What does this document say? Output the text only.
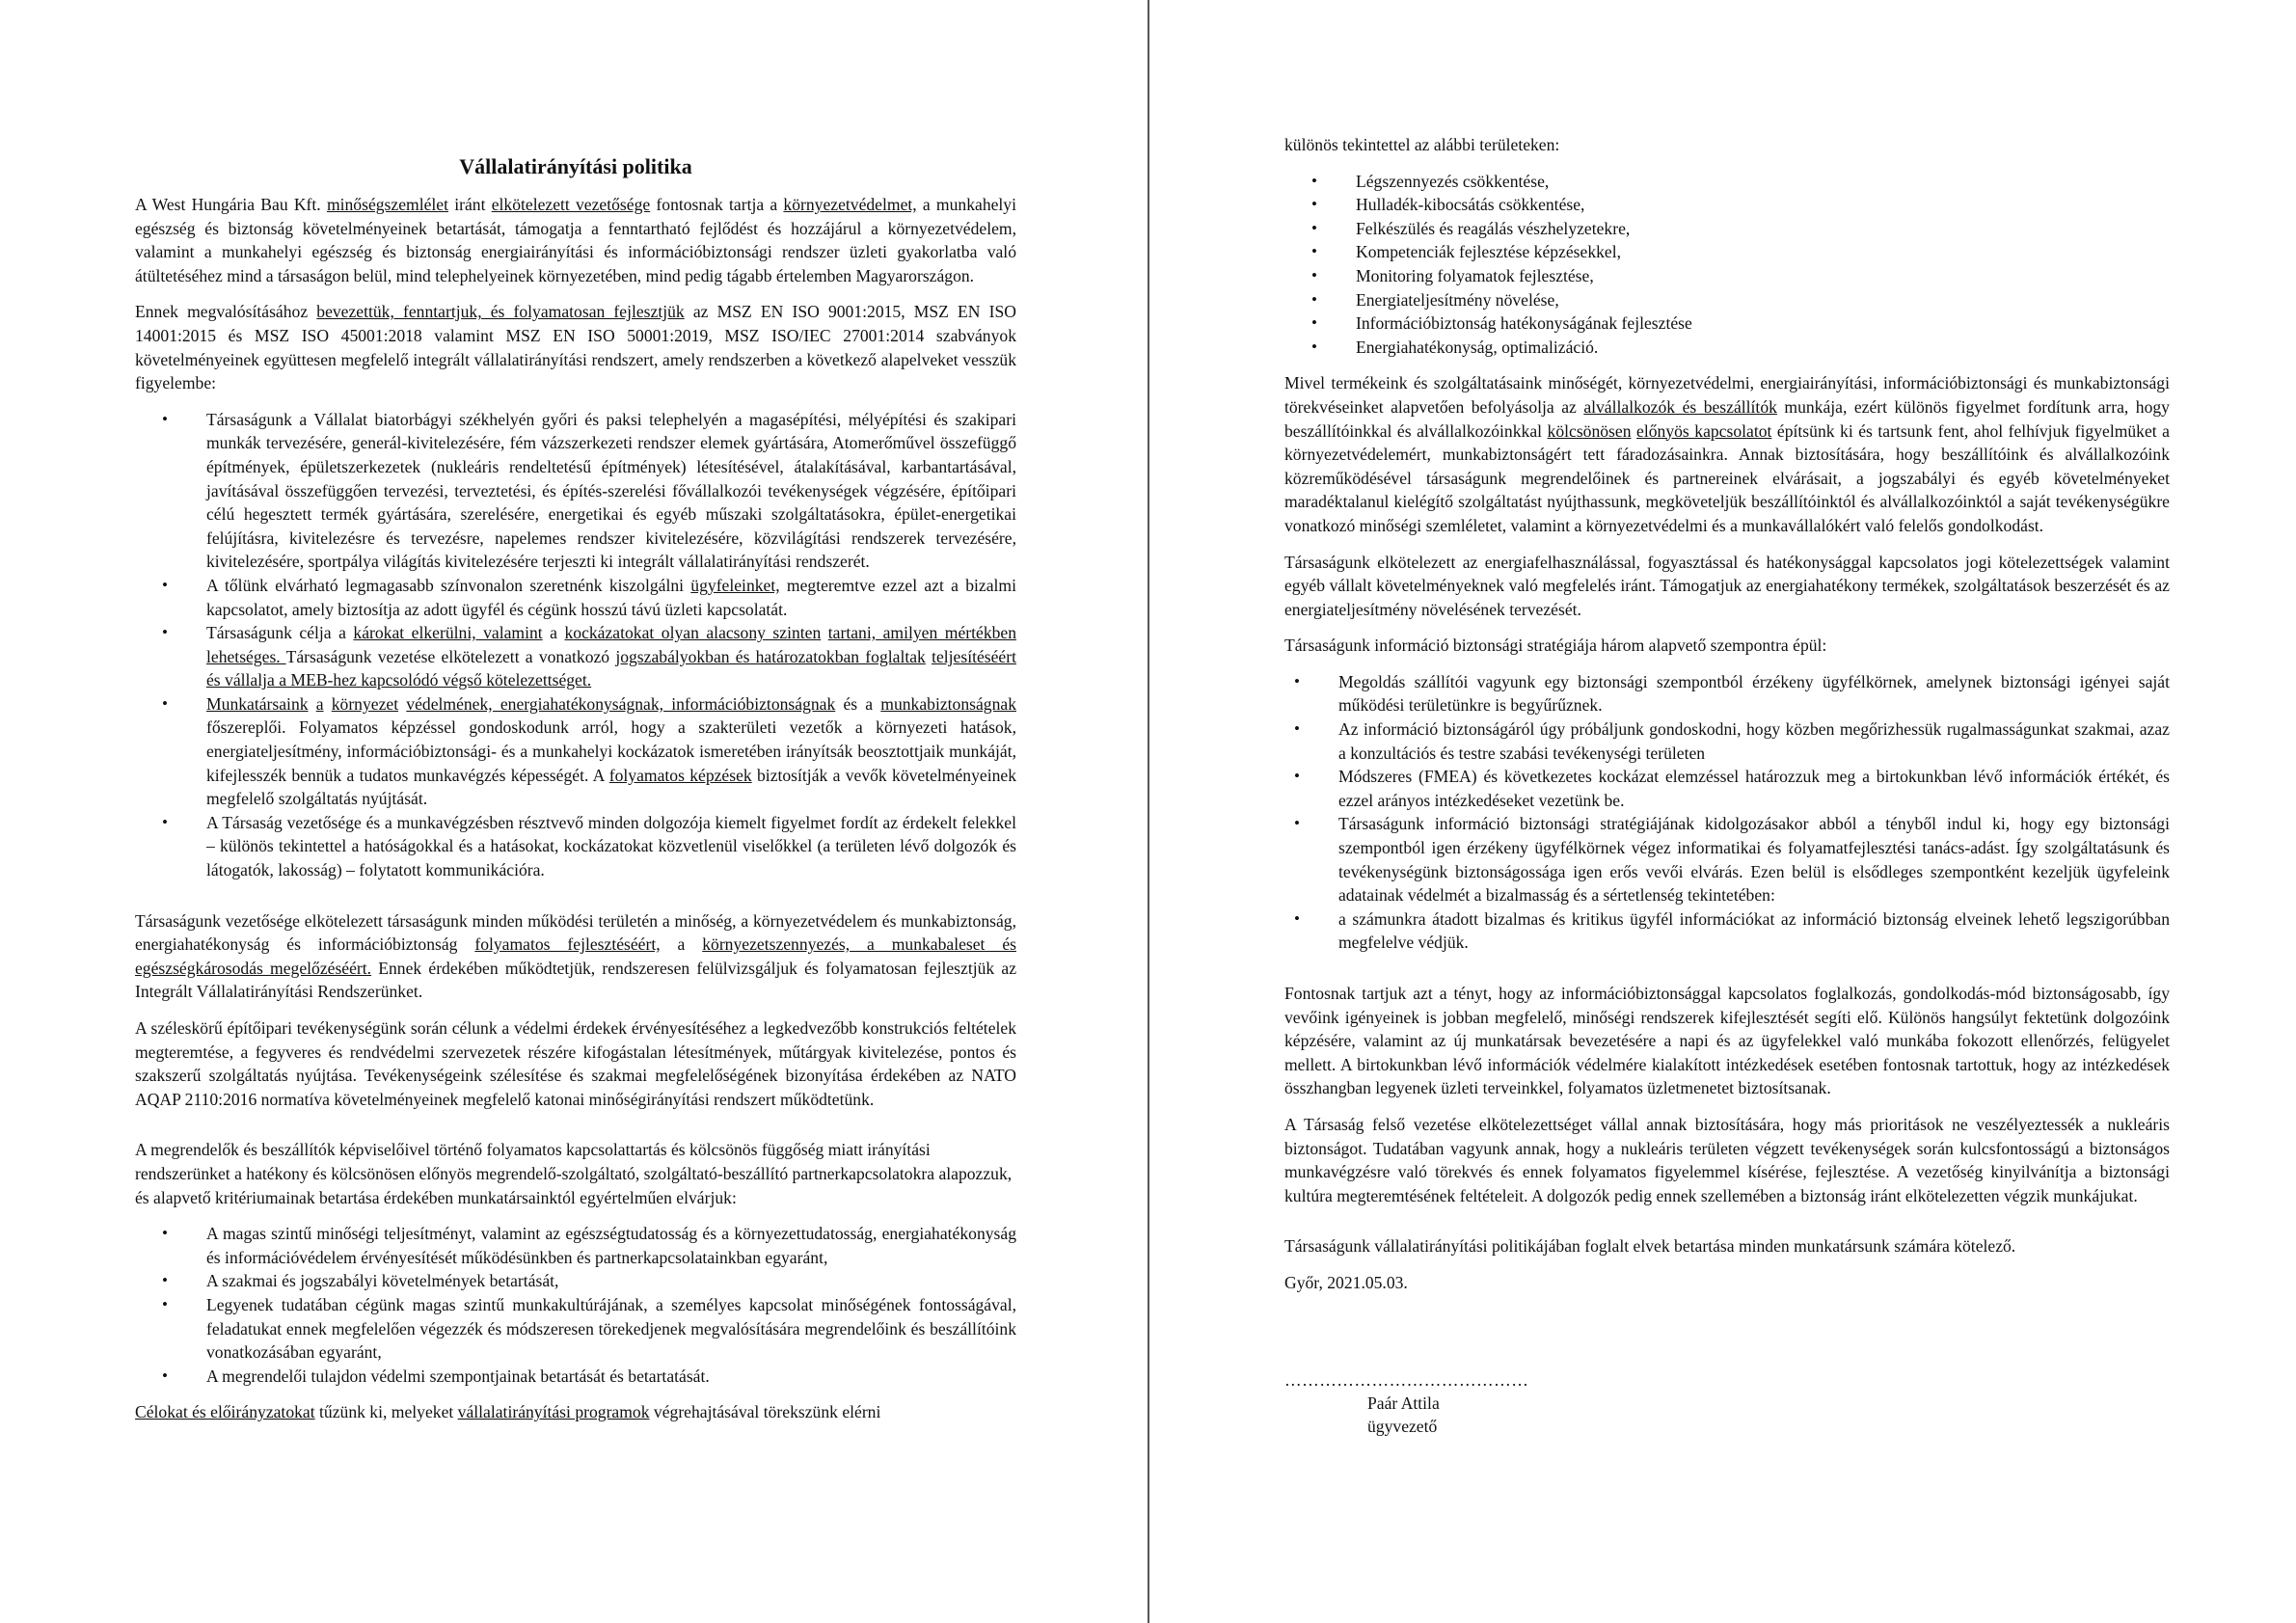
Vállalatirányítási politika

A West Hungária Bau Kft. minőségszemlélet iránt elkötelezett vezetősége fontosnak tartja a környezetvédelmet, a munkahelyi egészség és biztonság követelményeinek betartását, támogatja a fenntartható fejlődést és hozzájárul a környezetvédelem, valamint a munkahelyi egészség és biztonság energiairányítási és információbiztonsági rendszer üzleti gyakorlatba való átültetéséhez mind a társaságon belül, mind telephelyeinek környezetében, mind pedig tágabb értelemben Magyarországon.

Ennek megvalósításához bevezettük, fenntartjuk, és folyamatosan fejlesztjük az MSZ EN ISO 9001:2015, MSZ EN ISO 14001:2015 és MSZ ISO 45001:2018 valamint MSZ EN ISO 50001:2019, MSZ ISO/IEC 27001:2014 szabványok követelményeinek együttesen megfelelő integrált vállalatirányítási rendszert, amely rendszerben a következő alapelveket vesszük figyelembe:

• Társaságunk a Vállalat biatorbágyi székhelyén győri és paksi telephelyén a magasépítési, mélyépítési és szakipari munkák tervezésére, generál-kivitelezésére, fém vázszerkezeti rendszer elemek gyártására, Atomerőművel összefüggő építmények, épületszerkezetek (nukleáris rendeltetésű építmények) létesítésével, átalakításával, karbantartásával, javításával összefüggően tervezési, terveztetési, és építés-szerelési fővállalkozói tevékenységek végzésére, építőipari célú hegesztett termék gyártására, szerelésére, energetikai és egyéb műszaki szolgáltatásokra, épület-energetikai felújításra, kivitelezésre és tervezésre, napelemes rendszer kivitelezésére, közvilágítási rendszerek tervezésére, kivitelezésére, sportpálya világítás kivitelezésére terjeszti ki integrált vállalatirányítási rendszerét.
• A tőlünk elvárható legmagasabb színvonalon szeretnénk kiszolgálni ügyfeleinket, megteremtve ezzel azt a bizalmi kapcsolatot, amely biztosítja az adott ügyfél és cégünk hosszú távú üzleti kapcsolatát.
• Társaságunk célja a károkat elkerülni, valamint a kockázatokat olyan alacsony szinten tartani, amilyen mértékben lehetséges. Társaságunk vezetése elkötelezett a vonatkozó jogszabályokban és határozatokban foglaltak teljesítéséért és vállalja a MEB-hez kapcsolódó végső kötelezettséget.
• Munkatársaink a környezet védelmének, energiahatékonyságnak, információbiztonságnak és a munkabiztonságnak főszereplői. Folyamatos képzéssel gondoskodunk arról, hogy a szakterületi vezetők a környezeti hatások, energiateljesítmény, információbiztonsági- és a munkahelyi kockázatok ismeretében irányítsák beosztottjaik munkáját, kifejlesszék bennük a tudatos munkavégzés képességét. A folyamatos képzések biztosítják a vevők követelményeinek megfelelő szolgáltatás nyújtását.
• A Társaság vezetősége és a munkavégzésben résztvevő minden dolgozója kiemelt figyelmet fordít az érdekelt felekkel – különös tekintettel a hatóságokkal és a hatásokat, kockázatokat közvetlenül viselőkkel (a területen lévő dolgozók és látogatók, lakosság) – folytatott kommunikációra.

Társaságunk vezetősége elkötelezett társaságunk minden működési területén a minőség, a környezetvédelem és munkabiztonság, energiahatékonyság és információbiztonság folyamatos fejlesztéséért, a környezetszennyezés, a munkabaleset és egészségkárosodás megelőzéséért. Ennek érdekében működtetjük, rendszeresen felülvizsgáljuk és folyamatosan fejlesztjük az Integrált Vállalatirányítási Rendszerünket.

A széleskörű építőipari tevékenységünk során célunk a védelmi érdekek érvényesítéséhez a legkedvezőbb konstrukciós feltételek megteremtése, a fegyveres és rendvédelmi szervezetek részére kifogástalan létesítmények, műtárgyak kivitelezése, pontos és szakszerű szolgáltatás nyújtása. Tevékenységeink szélesítése és szakmai megfelelőségének bizonyítása érdekében az NATO AQAP 2110:2016 normatíva követelményeinek megfelelő katonai minőségirányítási rendszert működtetünk.

A megrendelők és beszállítók képviselőivel történő folyamatos kapcsolattartás és kölcsönös függőség miatt irányítási rendszerünket a hatékony és kölcsönösen előnyös megrendelő-szolgáltató, szolgáltató-beszállító partnerkapcsolatokra alapozzuk, és alapvető kritériumainak betartása érdekében munkatársainktól egyértelműen elvárjuk:

• A magas szintű minőségi teljesítményt, valamint az egészségtudatosság és a környezettudatosság, energiahatékonyság és információvédelem érvényesítését működésünkben és partnerkapcsolatainkban egyaránt,
• A szakmai és jogszabályi követelmények betartását,
• Legyenek tudatában cégünk magas szintű munkakultúrájának, a személyes kapcsolat minőségének fontosságával, feladatukat ennek megfelelően végezzék és módszeresen törekedjenek megvalósítására megrendelőink és beszállítóink vonatkozásában egyaránt,
• A megrendelői tulajdon védelmi szempontjainak betartását és betartatását.

Célokat és előirányzatokat tűzünk ki, melyeket vállalatirányítási programok végrehajtásával törekszünk elérni

különös tekintettel az alábbi területeken:

• Légszennyezés csökkentése,
• Hulladék-kibocsátás csökkentése,
• Felkészülés és reagálás vészhelyzetekre,
• Kompetenciák fejlesztése képzésekkel,
• Monitoring folyamatok fejlesztése,
• Energiateljesítmény növelése,
• Információbiztonság hatékonyságának fejlesztése
• Energiahatékonyság, optimalizáció.

Mivel termékeink és szolgáltatásaink minőségét, környezetvédelmi, energiairányítási, információbiztonsági és munkabiztonsági törekvéseinket alapvetően befolyásolja az alvállalkozók és beszállítók munkája, ezért különös figyelmet fordítunk arra, hogy beszállítóinkkal és alvállalkozóinkkal kölcsönösen előnyös kapcsolatot építsünk ki és tartsunk fent, ahol felhívjuk figyelmüket a környezetvédelemért, munkabiztonságért tett fáradozásainkra. Annak biztosítására, hogy beszállítóink és alvállalkozóink közreműködésével társaságunk megrendelőinek és partnereinek elvárásait, a jogszabályi és egyéb követelményeket maradéktalanul kielégítő szolgáltatást nyújthassunk, megköveteljük beszállítóinktól és alvállalkozóinktól a saját tevékenységükre vonatkozó minőségi szemléletet, valamint a környezetvédelmi és a munkavállalókért való felelős gondolkodást.

Társaságunk elkötelezett az energiafelhasználással, fogyasztással és hatékonysággal kapcsolatos jogi kötelezettségek valamint egyéb vállalt követelményeknek való megfelelés iránt. Támogatjuk az energiahatékony termékek, szolgáltatások beszerzését és az energiateljesítmény növelésének tervezését.

Társaságunk információ biztonsági stratégiája három alapvető szempontra épül:

• Megoldás szállítói vagyunk egy biztonsági szempontból érzékeny ügyfélkörnek, amelynek biztonsági igényei saját működési területünkre is begyűrűznek.
• Az információ biztonságáról úgy próbáljunk gondoskodni, hogy közben megőrizhessük rugalmasságunkat szakmai, azaz a konzultációs és testre szabási tevékenységi területen
• Módszeres (FMEA) és következetes kockázat elemzéssel határozzuk meg a birtokunkban lévő információk értékét, és ezzel arányos intézkedéseket vezetünk be.
• Társaságunk információ biztonsági stratégiájának kidolgozásakor abból a tényből indul ki, hogy egy biztonsági szempontból igen érzékeny ügyfélkörnek végez informatikai és folyamatfejlesztési tanács-adást. Így szolgáltatásunk és tevékenységünk biztonságossága igen erős vevői elvárás. Ezen belül is elsődleges szempontként kezeljük ügyfeleink adatainak védelmét a bizalmasság és a sértetlenség tekintetében:
• a számunkra átadott bizalmas és kritikus ügyfél információkat az információ biztonság elveinek lehető legszigorúbban megfelelve védjük.

Fontosnak tartjuk azt a tényt, hogy az információbiztonsággal kapcsolatos foglalkozás, gondolkodás-mód biztonságosabb, így vevőink igényeinek is jobban megfelelő, minőségi rendszerek kifejlesztését segíti elő. Különös hangsúlyt fektetünk dolgozóink képzésére, valamint az új munkatársak bevezetésére a napi és az ügyfelekkel való munkába fokozott ellenőrzés, felügyelet mellett. A birtokunkban lévő információk védelmére kialakított intézkedések esetében fontosnak tartottuk, hogy az intézkedések összhangban legyenek üzleti terveinkkel, folyamatos üzletmenetet biztosítsanak.

A Társaság felső vezetése elkötelezettséget vállal annak biztosítására, hogy más prioritások ne veszélyeztessék a nukleáris biztonságot. Tudatában vagyunk annak, hogy a nukleáris területen végzett tevékenységek során kulcsfontosságú a biztonságos munkavégzésre való törekvés és ennek folyamatos figyelemmel kísérése, fejlesztése. A vezetőség kinyilvánítja a biztonsági kultúra megteremtésének feltételeit. A dolgozók pedig ennek szellemében a biztonság iránt elkötelezetten végzik munkájukat.

Társaságunk vállalatirányítási politikájában foglalt elvek betartása minden munkatársunk számára kötelező.

Győr, 2021.05.03.

……………………………………

Paár Attila

ügyvezető
